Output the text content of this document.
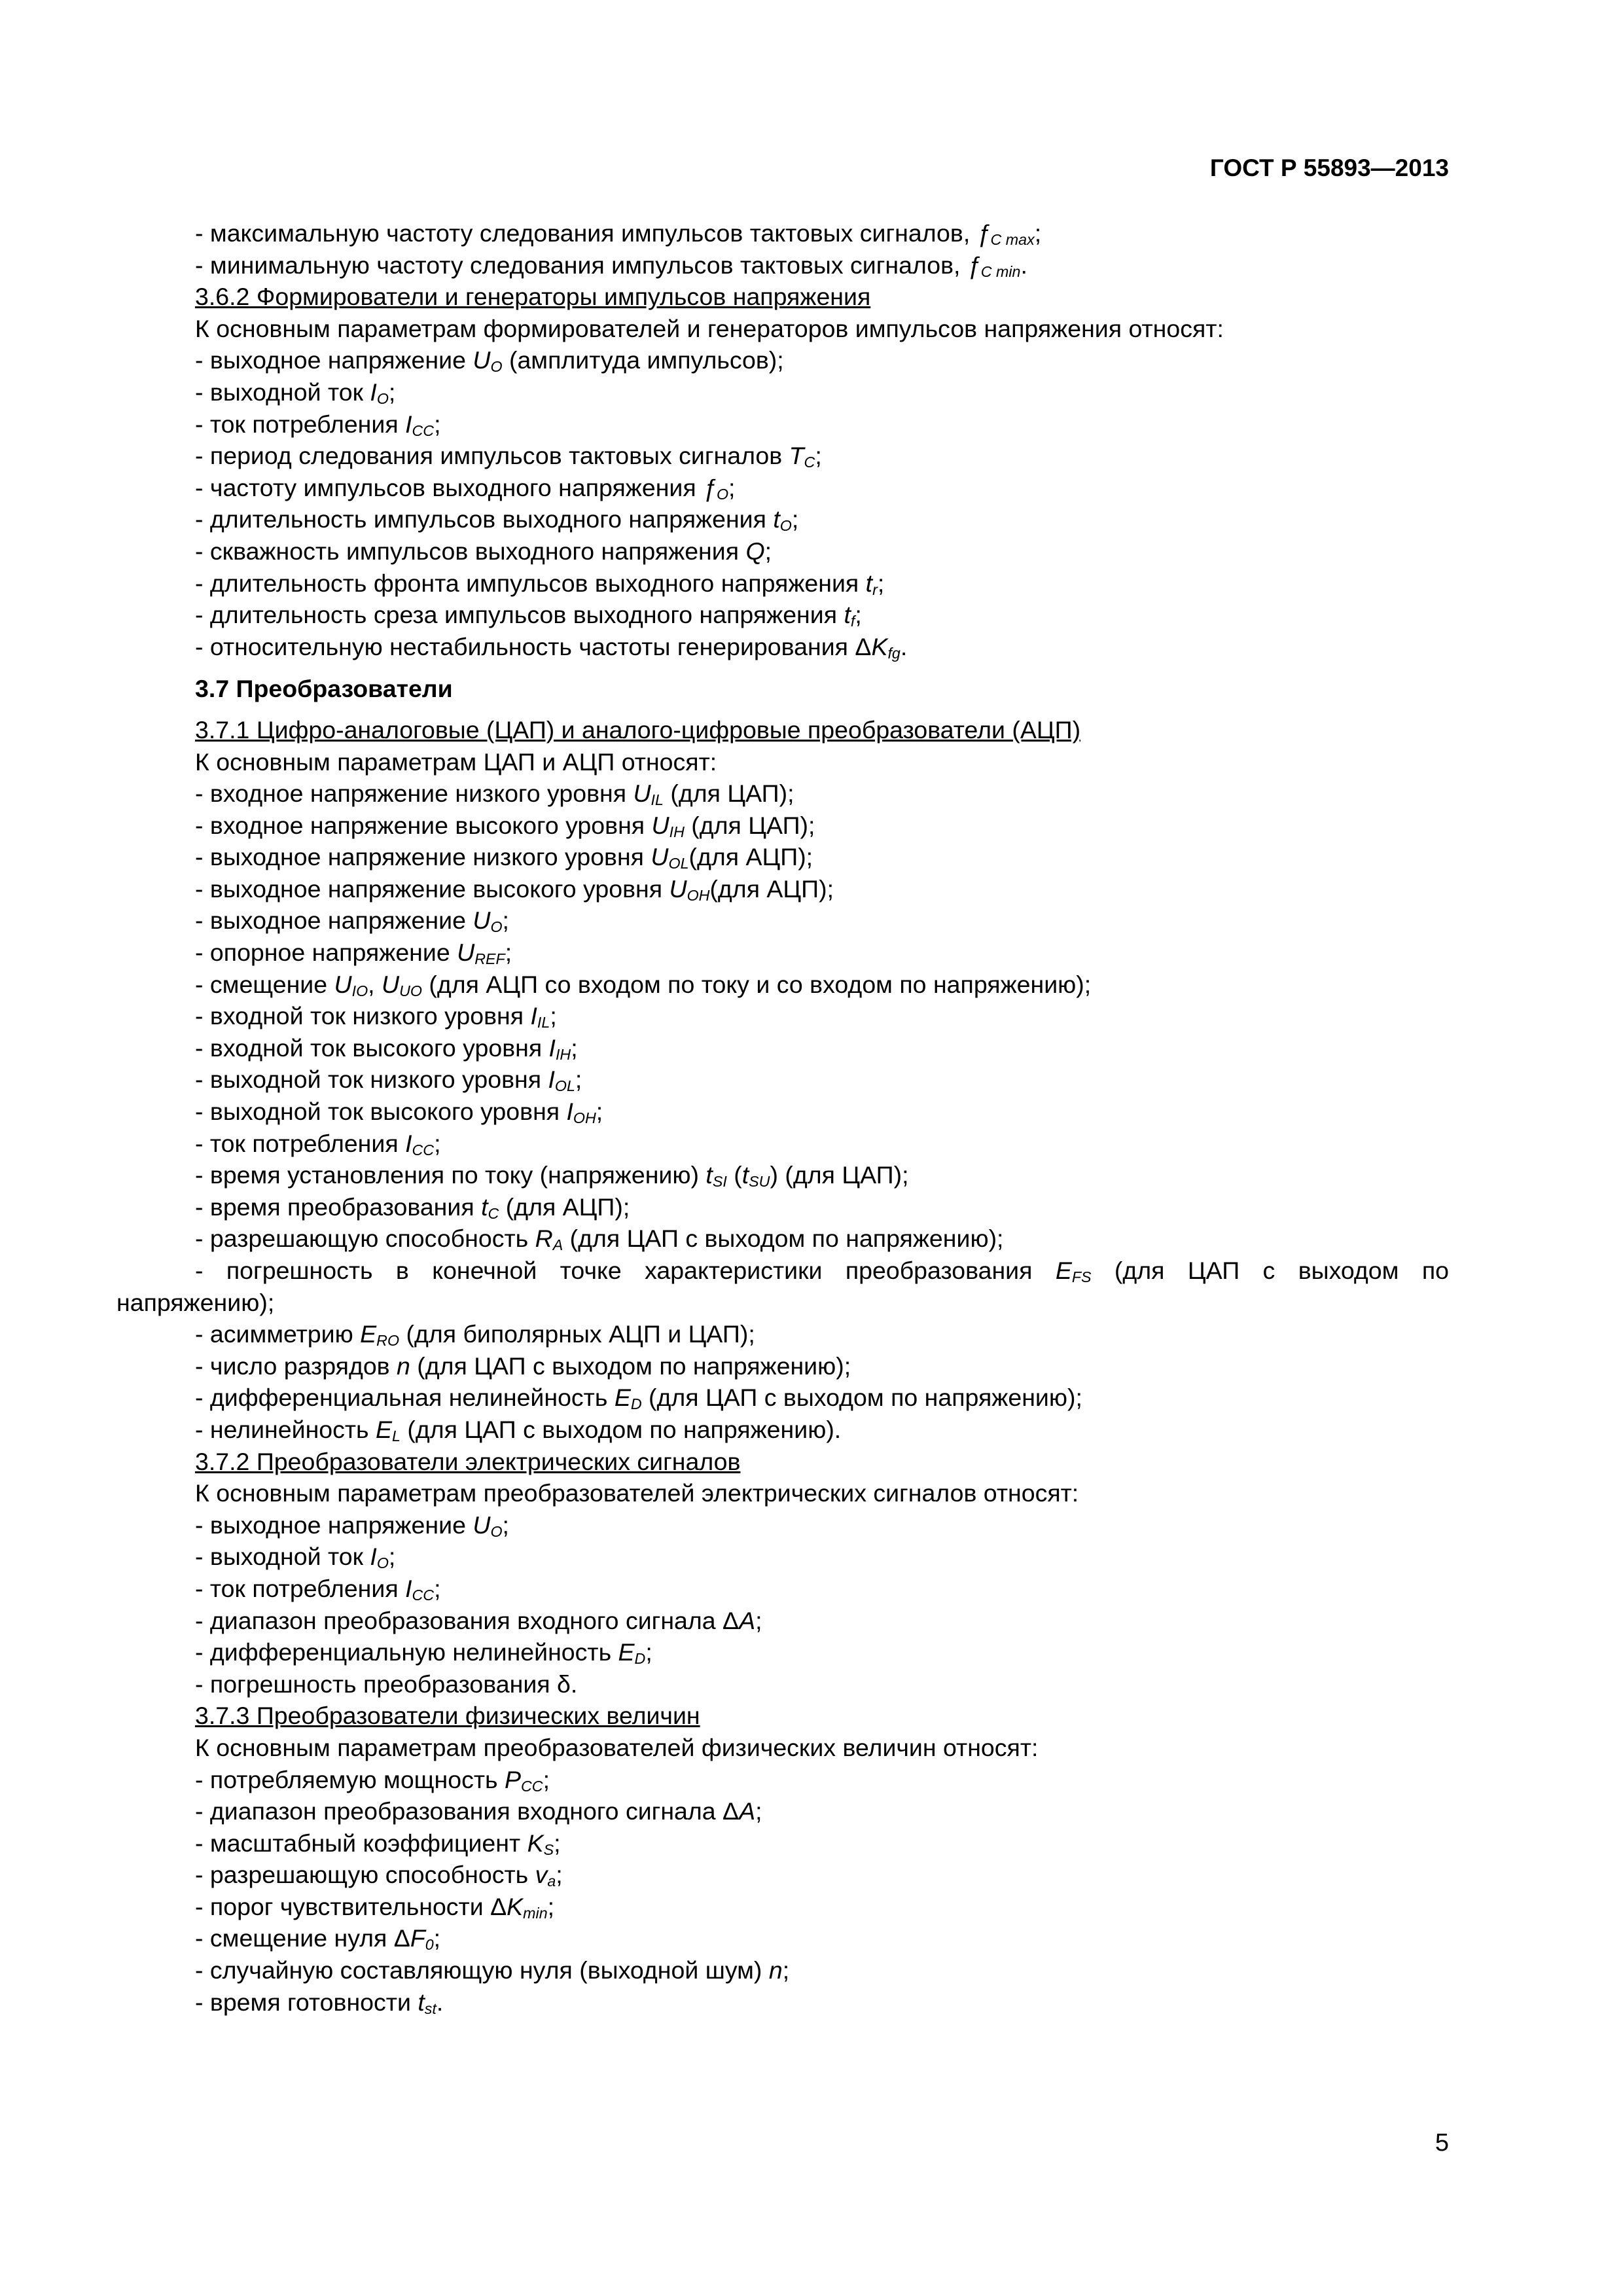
ГОСТ Р 55893—2013
- максимальную частоту следования импульсов тактовых сигналов, $ƒ_{C max}$;
- минимальную частоту следования импульсов тактовых сигналов, $ƒ_{C min}$.
3.6.2 Формирователи и генераторы импульсов напряжения
К основным параметрам формирователей и генераторов импульсов напряжения относят:
- выходное напряжение $U_O$ (амплитуда импульсов);
- выходной ток $I_O$;
- ток потребления $I_{CC}$;
- период следования импульсов тактовых сигналов $T_C$;
- частоту импульсов выходного напряжения $ƒ_O$;
- длительность импульсов выходного напряжения $t_O$;
- скважность импульсов выходного напряжения Q;
- длительность фронта импульсов выходного напряжения $t_r$;
- длительность среза импульсов выходного напряжения $t_f$;
- относительную нестабильность частоты генерирования $\Delta K_{fg}$.
3.7 Преобразователи
3.7.1 Цифро-аналоговые (ЦАП) и аналого-цифровые преобразователи (АЦП)
К основным параметрам ЦАП и АЦП относят:
- входное напряжение низкого уровня $U_{IL}$ (для ЦАП);
- входное напряжение высокого уровня $U_{IH}$ (для ЦАП);
- выходное напряжение низкого уровня $U_{OL}(для$ АЦП);
- выходное напряжение высокого уровня $U_{OH}(для$ АЦП);
- выходное напряжение $U_O$;
- опорное напряжение $U_{REF}$;
- смещение $U_{IO}$, $U_{UO}$ (для АЦП со входом по току и со входом по напряжению);
- входной ток низкого уровня $I_{IL}$;
- входной ток высокого уровня $I_{IH}$;
- выходной ток низкого уровня $I_{OL}$;
- выходной ток высокого уровня $I_{OH}$;
- ток потребления $I_{CC}$;
- время установления по току (напряжению) $t_{SI}$ $(t_{SU})$ (для ЦАП);
- время преобразования $t_C$ (для АЦП);
- разрешающую способность $R_A$ (для ЦАП с выходом по напряжению);
- погрешность в конечной точке характеристики преобразования $E_{FS}$ (для ЦАП с выходом по
напряжению);
- асимметрию $E_{RO}$ (для биполярных АЦП и ЦАП);
- число разрядов n (для ЦАП с выходом по напряжению);
- дифференциальная нелинейность $E_D$ (для ЦАП с выходом по напряжению);
- нелинейность $E_L$ (для ЦАП с выходом по напряжению).
3.7.2 Преобразователи электрических сигналов
К основным параметрам преобразователей электрических сигналов относят:
- выходное напряжение $U_O$;
- выходной ток $I_O$;
- ток потребления $I_{CC}$;
- диапазон преобразования входного сигнала ΔA;
- дифференциальную нелинейность $E_D$;
- погрешность преобразования δ.
3.7.3 Преобразователи физических величин
К основным параметрам преобразователей физических величин относят:
- потребляемую мощность $P_{CC}$;
- диапазон преобразования входного сигнала ΔA;
- масштабный коэффициент $K_S$;
- разрешающую способность $v_a$;
- порог чувствительности $\Delta K_{min}$;
- смещение нуля $\Delta F_0$;
- случайную составляющую нуля (выходной шум) n;
- время готовности $t_{st}$.
5
